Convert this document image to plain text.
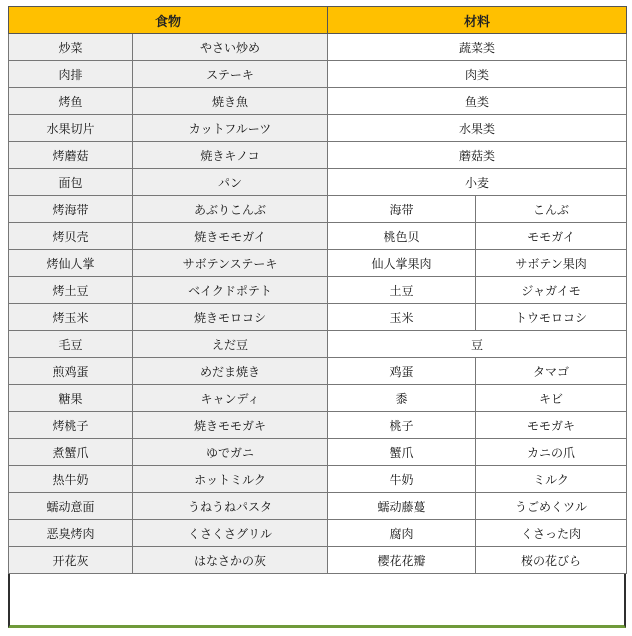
食物		材料	
炒菜	やさい炒め	蔬菜类	
肉排	ステーキ	肉类	
烤鱼	焼き魚	鱼类	
水果切片	カットフルーツ	水果类	
烤蘑菇	焼きキノコ	蘑菇类	
面包	パン	小麦	
烤海带	あぶりこんぶ	海带	こんぶ
烤贝壳	焼きモモガイ	桃色贝	モモガイ
烤仙人掌	サボテンステーキ	仙人掌果肉	サボテン果肉
烤土豆	ベイクドポテト	土豆	ジャガイモ
烤玉米	焼きモロコシ	玉米	トウモロコシ
毛豆	えだ豆	豆	
煎鸡蛋	めだま焼き	鸡蛋	タマゴ
糖果	キャンディ	黍	キビ
烤桃子	焼きモモガキ	桃子	モモガキ
煮蟹爪	ゆでガニ	蟹爪	カニの爪
热牛奶	ホットミルク	牛奶	ミルク
蠕动意面	うねうねパスタ	蠕动藤蔓	うごめくツル
恶臭烤肉	くさくさグリル	腐肉	くさった肉
开花灰	はなさかの灰	樱花花瓣	桜の花びら
